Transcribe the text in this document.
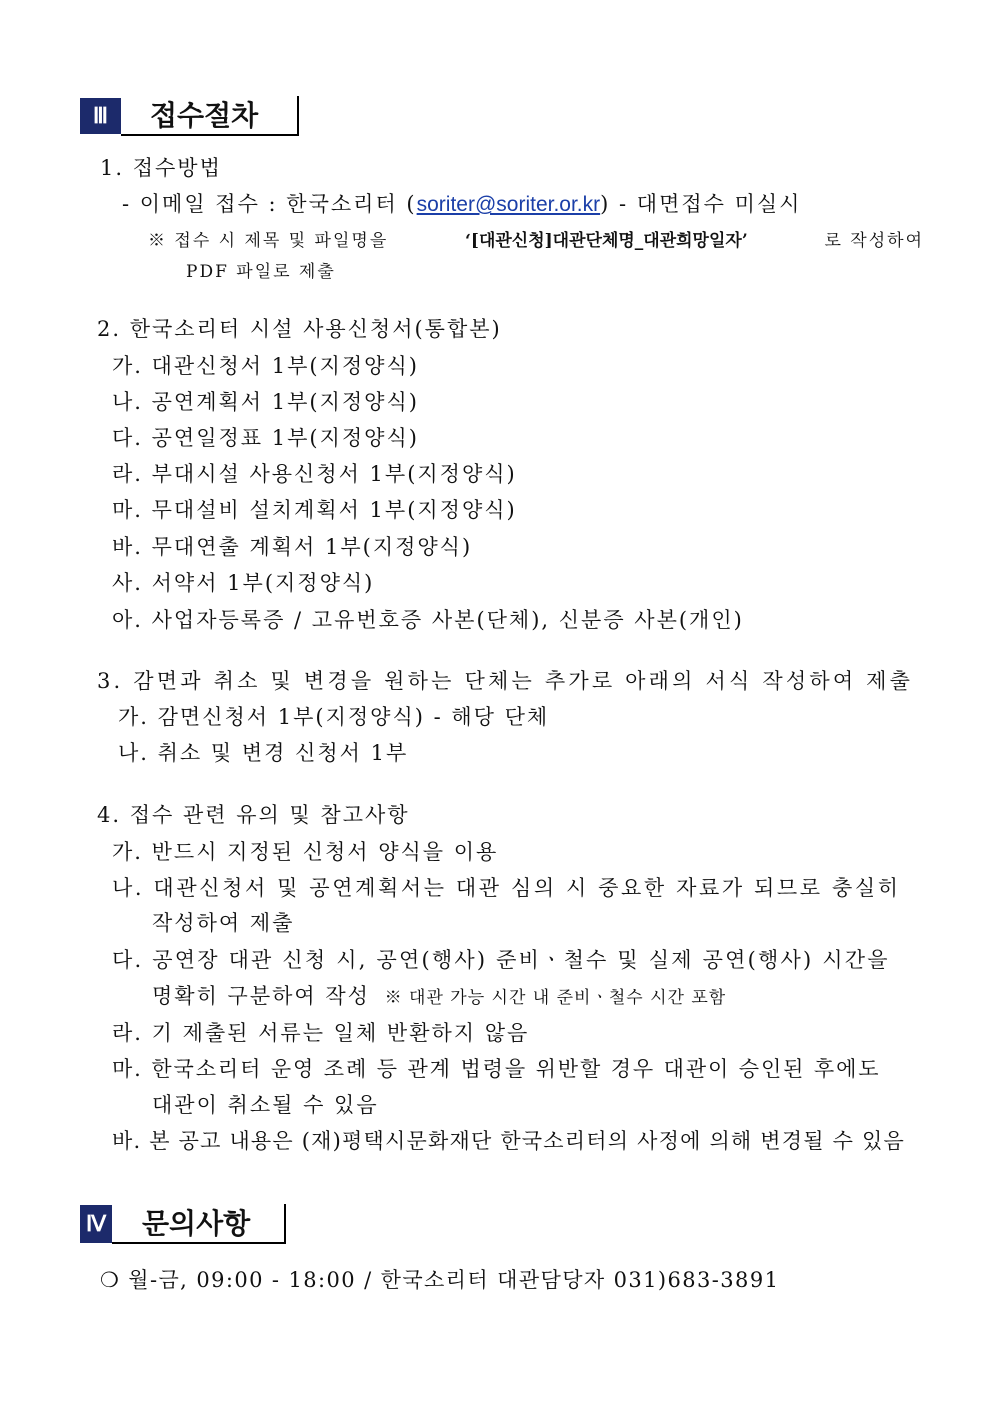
Ⅲ	접수절차
1. 접수방법
- 이메일 접수 : 한국소리터 (soriter@soriter.or.kr) - 대면접수 미실시
※ 접수 시 제목 및 파일명을	‘[대관신청]대관단체명_대관희망일자’	로 작성하여
PDF 파일로 제출
2. 한국소리터 시설 사용신청서(통합본)
가. 대관신청서 1부(지정양식)
나. 공연계획서 1부(지정양식)
다. 공연일정표 1부(지정양식)
라. 부대시설 사용신청서 1부(지정양식)
마. 무대설비 설치계획서 1부(지정양식)
바. 무대연출 계획서 1부(지정양식)
사. 서약서 1부(지정양식)
아. 사업자등록증 / 고유번호증 사본(단체), 신분증 사본(개인)
3. 감면과 취소 및 변경을 원하는 단체는 추가로 아래의 서식 작성하여 제출
가. 감면신청서 1부(지정양식) - 해당 단체
나. 취소 및 변경 신청서 1부
4. 접수 관련 유의 및 참고사항
가. 반드시 지정된 신청서 양식을 이용
나. 대관신청서 및 공연계획서는 대관 심의 시 중요한 자료가 되므로 충실히
작성하여 제출
다. 공연장 대관 신청 시, 공연(행사) 준비ㆍ철수 및 실제 공연(행사) 시간을
명확히 구분하여 작성 ※ 대관 가능 시간 내 준비ㆍ철수 시간 포함
라. 기 제출된 서류는 일체 반환하지 않음
마. 한국소리터 운영 조례 등 관계 법령을 위반할 경우 대관이 승인된 후에도
대관이 취소될 수 있음
바. 본 공고 내용은 (재)평택시문화재단 한국소리터의 사정에 의해 변경될 수 있음
Ⅳ	문의사항
❍ 월-금, 09:00 - 18:00 / 한국소리터 대관담당자 031)683-3891
